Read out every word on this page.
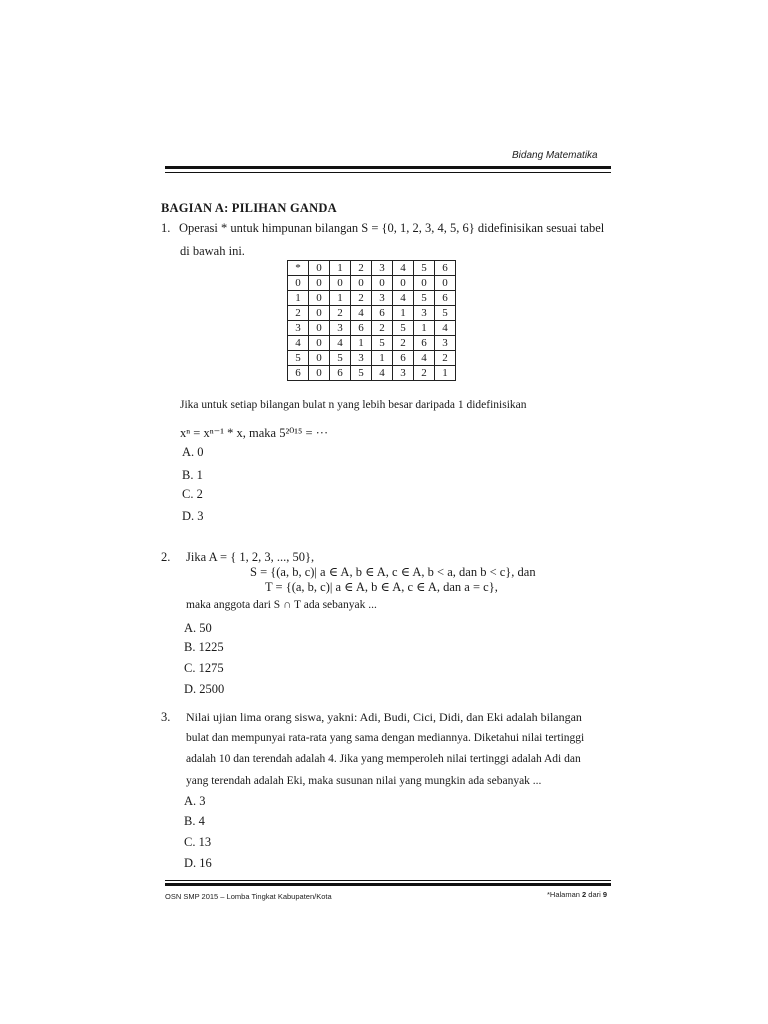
Bidang Matematika
BAGIAN A: PILIHAN GANDA
1. Operasi * untuk himpunan bilangan S = {0, 1, 2, 3, 4, 5, 6} didefinisikan sesuai tabel
di bawah ini.
*	0	1	2	3	4	5	6
0	0	0	0	0	0	0	0
1	0	1	2	3	4	5	6
2	0	2	4	6	1	3	5
3	0	3	6	2	5	1	4
4	0	4	1	5	2	6	3
5	0	5	3	1	6	4	2
6	0	6	5	4	3	2	1
Jika untuk setiap bilangan bulat n yang lebih besar daripada 1 didefinisikan
xⁿ = xⁿ⁻¹ * x, maka 5²⁰¹⁵ = ···
A. 0
B. 1
C. 2
D. 3
2. Jika A = { 1, 2, 3, ..., 50},
S = {(a, b, c)| a ∈ A, b ∈ A, c ∈ A, b < a, dan b < c}, dan
T = {(a, b, c)| a ∈ A, b ∈ A, c ∈ A, dan a = c},
maka anggota dari S ∩ T ada sebanyak ...
A. 50
B. 1225
C. 1275
D. 2500
3. Nilai ujian lima orang siswa, yakni: Adi, Budi, Cici, Didi, dan Eki adalah bilangan
bulat dan mempunyai rata-rata yang sama dengan mediannya. Diketahui nilai tertinggi
adalah 10 dan terendah adalah 4. Jika yang memperoleh nilai tertinggi adalah Adi dan
yang terendah adalah Eki, maka susunan nilai yang mungkin ada sebanyak ...
A. 3
B. 4
C. 13
D. 16
OSN SMP 2015 – Lomba Tingkat Kabupaten/Kota	*Halaman 2 dari 9
